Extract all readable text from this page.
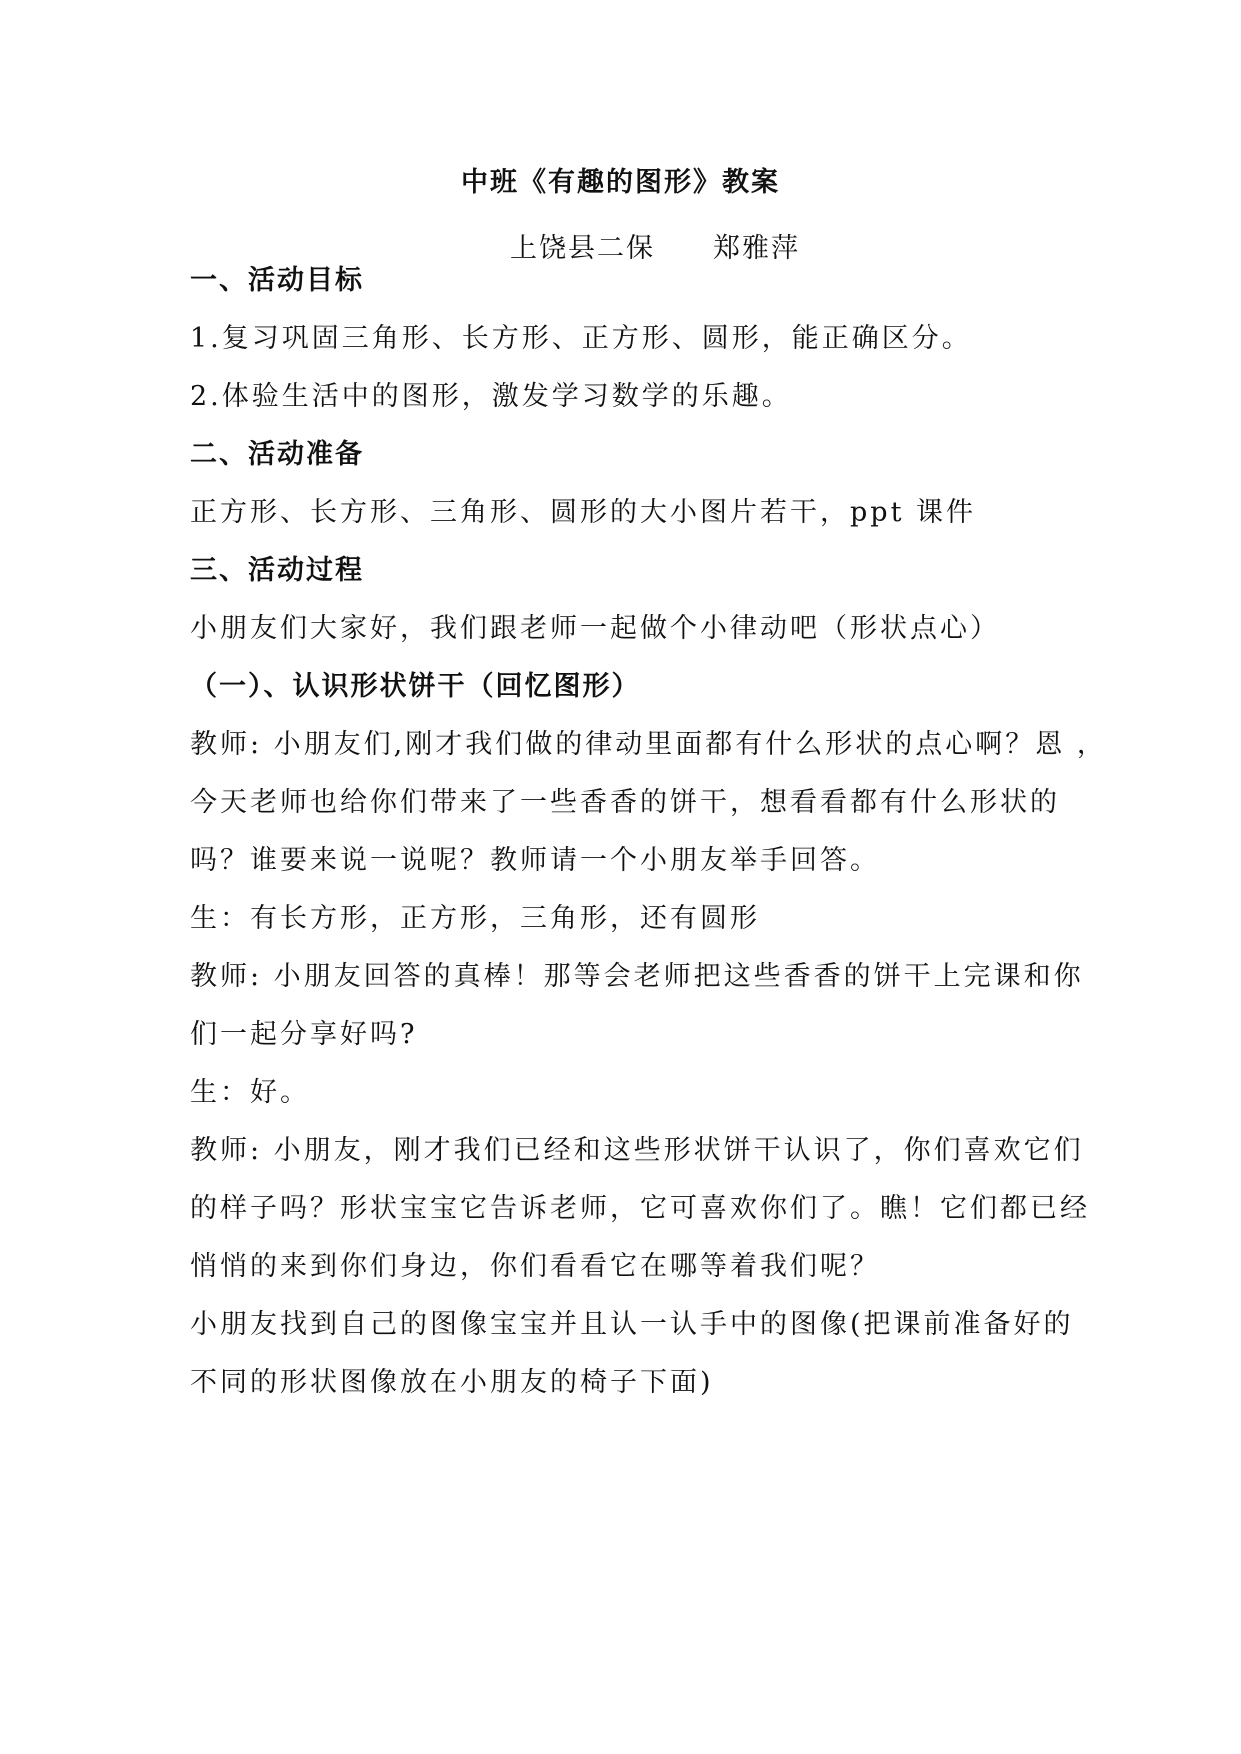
中班《有趣的图形》教案
上饶县二保 郑雅萍
一、活动目标
1.复习巩固三角形、长方形、正方形、圆形，能正确区分。
2.体验生活中的图形，激发学习数学的乐趣。
二、活动准备
正方形、长方形、三角形、圆形的大小图片若干，ppt 课件
三、活动过程
小朋友们大家好，我们跟老师一起做个小律动吧（形状点心）
（一）、认识形状饼干（回忆图形）
教师: 小朋友们,刚才我们做的律动里面都有什么形状的点心啊？恩 ，
今天老师也给你们带来了一些香香的饼干，想看看都有什么形状的
吗？谁要来说一说呢？教师请一个小朋友举手回答。
生：有长方形，正方形，三角形，还有圆形
教师: 小朋友回答的真棒！那等会老师把这些香香的饼干上完课和你
们一起分享好吗?
生：好。
教师: 小朋友，刚才我们已经和这些形状饼干认识了，你们喜欢它们
的样子吗？形状宝宝它告诉老师，它可喜欢你们了。瞧！它们都已经
悄悄的来到你们身边，你们看看它在哪等着我们呢？
小朋友找到自己的图像宝宝并且认一认手中的图像(把课前准备好的
不同的形状图像放在小朋友的椅子下面)
